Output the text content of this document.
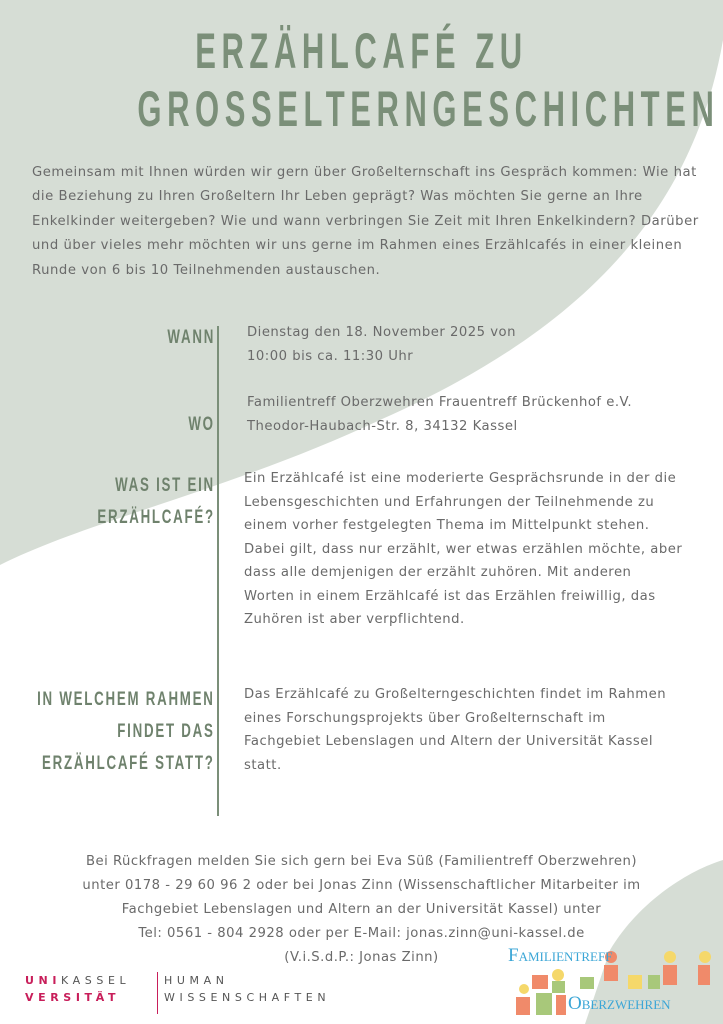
ERZÄHLCAFÉ ZU
GROSSELTERNGESCHICHTEN
Gemeinsam mit Ihnen würden wir gern über Großelternschaft ins Gespräch kommen: Wie hat die Beziehung zu Ihren Großeltern Ihr Leben geprägt? Was möchten Sie gerne an Ihre Enkelkinder weitergeben? Wie und wann verbringen Sie Zeit mit Ihren Enkelkindern? Darüber und über vieles mehr möchten wir uns gerne im Rahmen eines Erzählcafés in einer kleinen Runde von 6 bis 10 Teilnehmenden austauschen.
WANN Dienstag den 18. November 2025 von
10:00 bis ca. 11:30 Uhr
WO
Familientreff Oberzwehren Frauentreff Brückenhof e.V.
Theodor-Haubach-Str. 8, 34132 Kassel
WAS IST EIN
ERZÄHLCAFÉ?
Ein Erzählcafé ist eine moderierte Gesprächsrunde in der die Lebensgeschichten und Erfahrungen der Teilnehmende zu einem vorher festgelegten Thema im Mittelpunkt stehen. Dabei gilt, dass nur erzählt, wer etwas erzählen möchte, aber dass alle demjenigen der erzählt zuhören. Mit anderen Worten in einem Erzählcafé ist das Erzählen freiwillig, das Zuhören ist aber verpflichtend.
IN WELCHEM RAHMEN
FINDET DAS
ERZÄHLCAFÉ STATT?
Das Erzählcafé zu Großelterngeschichten findet im Rahmen eines Forschungsprojekts über Großelternschaft im Fachgebiet Lebenslagen und Altern der Universität Kassel statt.
Bei Rückfragen melden Sie sich gern bei Eva Süß (Familientreff Oberzwehren)
unter 0178 - 29 60 96 2 oder bei Jonas Zinn (Wissenschaftlicher Mitarbeiter im
Fachgebiet Lebenslagen und Altern an der Universität Kassel) unter
Tel: 0561 - 804 2928 oder per E-Mail: jonas.zinn@uni-kassel.de
(V.i.S.d.P.: Jonas Zinn)
UNIKASSEL
VERSITÄT
HUMAN
WISSENSCHAFTEN
Familientreff
Oberzwehren
